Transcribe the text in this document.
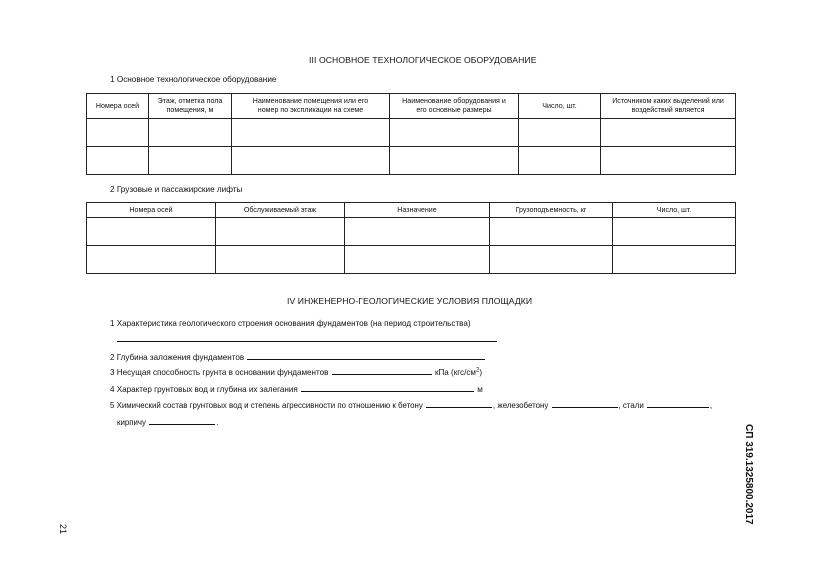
III ОСНОВНОЕ ТЕХНОЛОГИЧЕСКОЕ ОБОРУДОВАНИЕ
1 Основное технологическое оборудование
Номера осей	Этаж, отметка пола помещения, м	Наименование помещения или его номер по экспликации на схеме	Наименование оборудования и его основные размеры	Число, шт.	Источником каких выделений или воздействий является

2 Грузовые и пассажирские лифты
Номера осей	Обслуживаемый этаж	Назначение	Грузоподъемность, кг	Число, шт.

IV ИНЖЕНЕРНО-ГЕОЛОГИЧЕСКИЕ УСЛОВИЯ ПЛОЩАДКИ
1 Характеристика геологического строения основания фундаментов (на период строительства)
2 Глубина заложения фундаментов
3 Несущая способность грунта в основании фундаментов	кПа $(кгс/см^2)$
4 Характер грунтовых вод и глубина их залегания	м
5 Химический состав грунтовых вод и степень агрессивности по отношению к бетону	, железобетону	, стали	,
кирпичу	.
21
СП 319.1325800.2017
